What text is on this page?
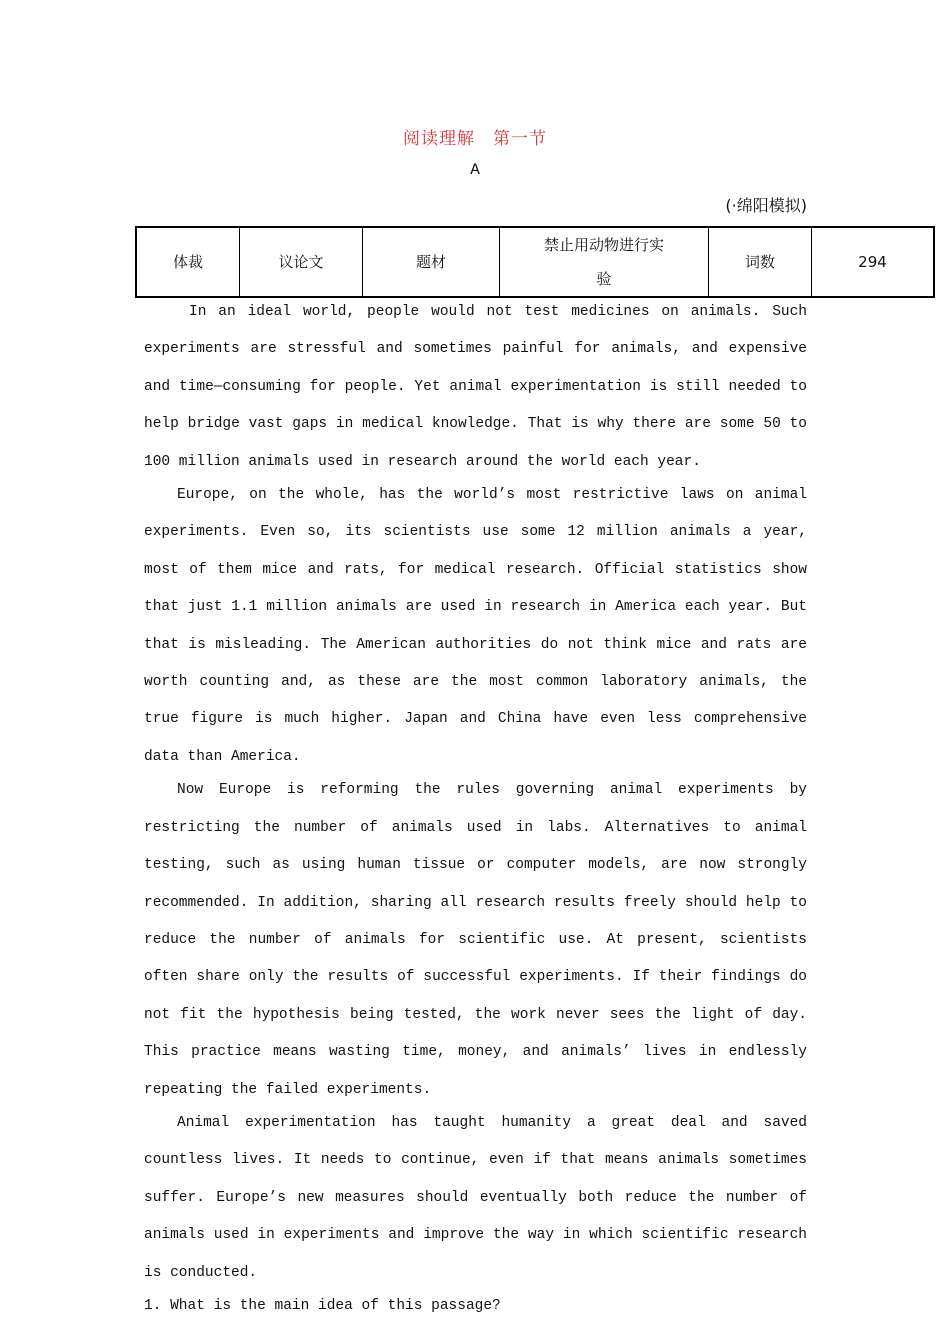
阅读理解　第一节
A
(·绵阳模拟)
体裁	议论文	题材	禁止用动物进行实验	词数	294

In an ideal world, people would not test medicines on animals. Such experiments are stressful and sometimes painful for animals, and expensive and time—consuming for people. Yet animal experimentation is still needed to help bridge vast gaps in medical knowledge. That is why there are some 50 to 100 million animals used in research around the world each year.

Europe, on the whole, has the world’s most restrictive laws on animal experiments. Even so, its scientists use some 12 million animals a year, most of them mice and rats, for medical research. Official statistics show that just 1.1 million animals are used in research in America each year. But that is misleading. The American authorities do not think mice and rats are worth counting and, as these are the most common laboratory animals, the true figure is much higher. Japan and China have even less comprehensive data than America.

Now Europe is reforming the rules governing animal experiments by restricting the number of animals used in labs. Alternatives to animal testing, such as using human tissue or computer models, are now strongly recommended. In addition, sharing all research results freely should help to reduce the number of animals for scientific use. At present, scientists often share only the results of successful experiments. If their findings do not fit the hypothesis being tested, the work never sees the light of day. This practice means wasting time, money, and animals’ lives in endlessly repeating the failed experiments.

Animal experimentation has taught humanity a great deal and saved countless lives. It needs to continue, even if that means animals sometimes suffer. Europe’s new measures should eventually both reduce the number of animals used in experiments and improve the way in which scientific research is conducted.

1. What is the main idea of this passage?
